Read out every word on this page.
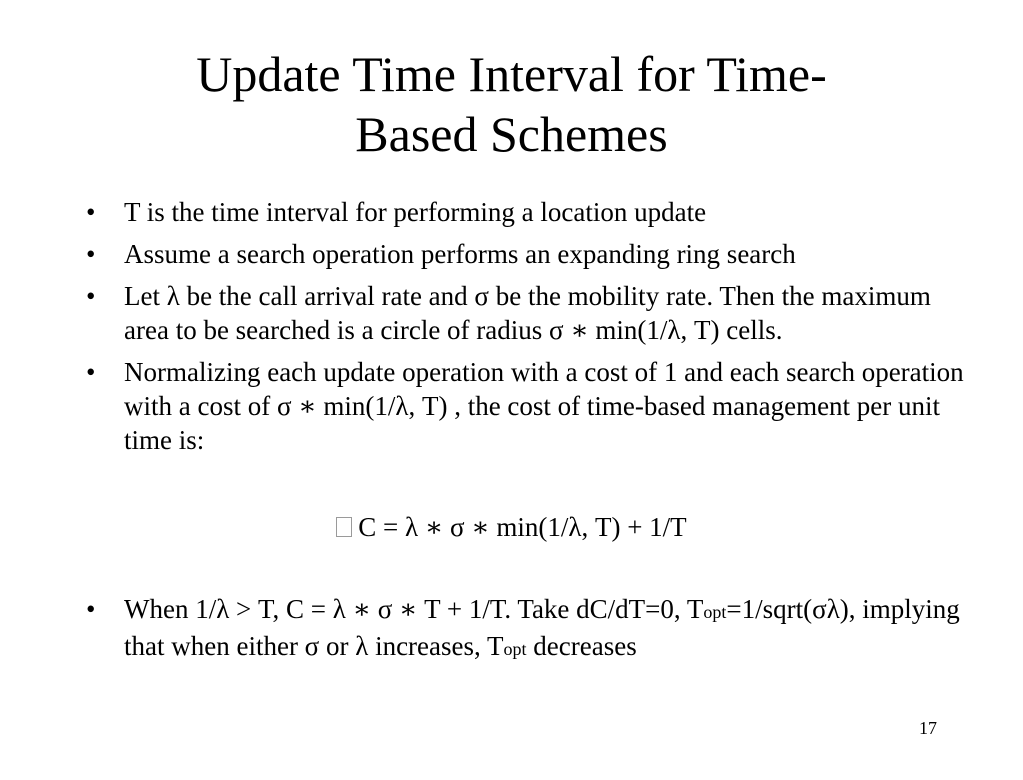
Update Time Interval for Time-
Based Schemes
• T is the time interval for performing a location update
• Assume a search operation performs an expanding ring search
• Let λ be the call arrival rate and σ be the mobility rate. Then the maximum area to be searched is a circle of radius σ ∗ min(1/λ, T) cells.
• Normalizing each update operation with a cost of 1 and each search operation with a cost of σ ∗ min(1/λ, T) , the cost of time-based management per unit time is:
C = λ ∗ σ ∗ min(1/λ, T) + 1/T
• When 1/λ > T, C = λ ∗ σ ∗ T + 1/T. Take dC/dT=0, Topt=1/sqrt(σλ), implying that when either σ or λ increases, Topt decreases
17
